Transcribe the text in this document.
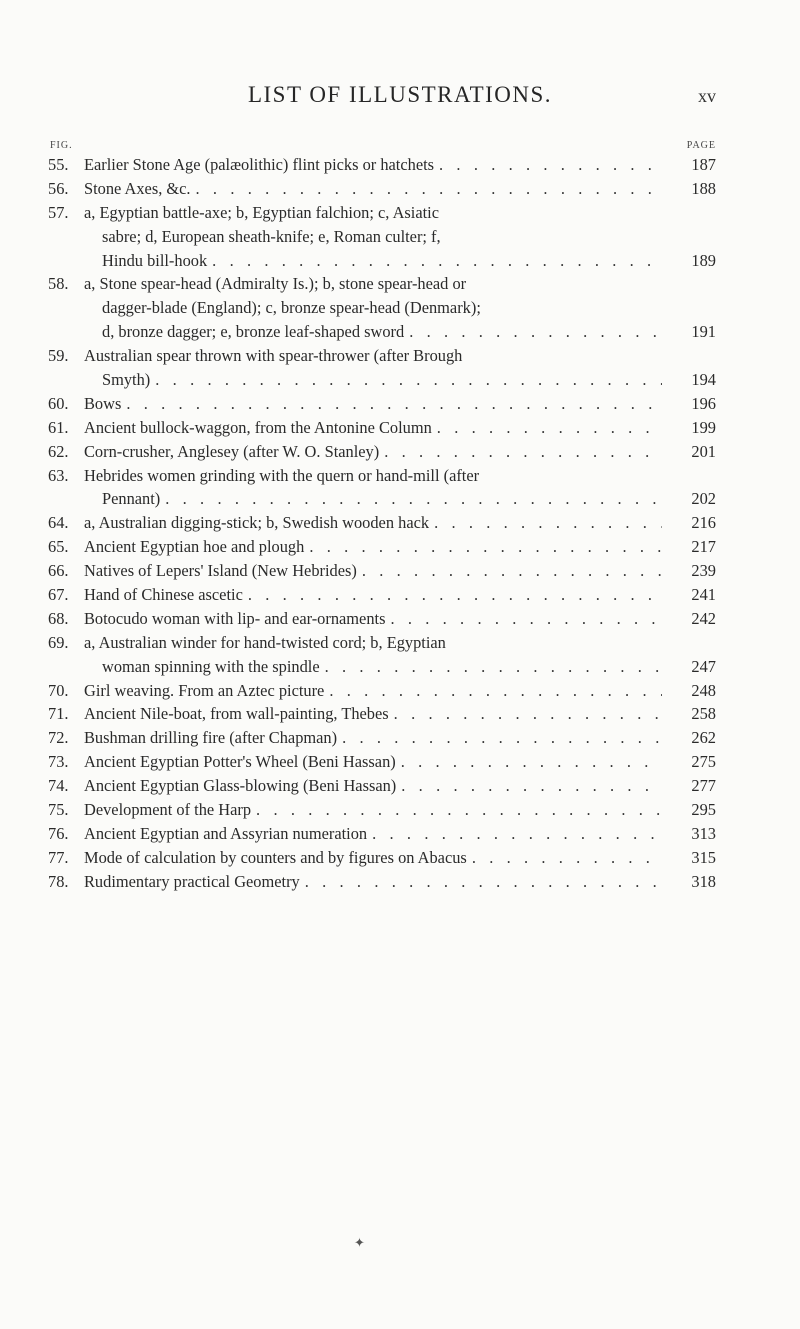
LIST OF ILLUSTRATIONS.	xv
FIG.	PAGE
55. Earlier Stone Age (palæolithic) flint picks or hatchets . . .	187
56. Stone Axes, &c. . . .	188
57. a, Egyptian battle-axe; b, Egyptian falchion; c, Asiatic
sabre; d, European sheath-knife; e, Roman culter; f,
Hindu bill-hook . . .	189
58. a, Stone spear-head (Admiralty Is.); b, stone spear-head or
dagger-blade (England); c, bronze spear-head (Denmark);
d, bronze dagger; e, bronze leaf-shaped sword . . .	191
59. Australian spear thrown with spear-thrower (after Brough
Smyth) . . .	194
60. Bows . . .	196
61. Ancient bullock-waggon, from the Antonine Column . . .	199
62. Corn-crusher, Anglesey (after W. O. Stanley) . . .	201
63. Hebrides women grinding with the quern or hand-mill (after
Pennant) . . .	202
64. a, Australian digging-stick; b, Swedish wooden hack . . .	216
65. Ancient Egyptian hoe and plough . . .	217
66. Natives of Lepers' Island (New Hebrides) . . .	239
67. Hand of Chinese ascetic . . .	241
68. Botocudo woman with lip- and ear-ornaments . . .	242
69. a, Australian winder for hand-twisted cord; b, Egyptian
woman spinning with the spindle . . .	247
70. Girl weaving. From an Aztec picture . . .	248
71. Ancient Nile-boat, from wall-painting, Thebes . . .	258
72. Bushman drilling fire (after Chapman) . . .	262
73. Ancient Egyptian Potter's Wheel (Beni Hassan) . . .	275
74. Ancient Egyptian Glass-blowing (Beni Hassan) . . .	277
75. Development of the Harp . . .	295
76. Ancient Egyptian and Assyrian numeration . . .	313
77. Mode of calculation by counters and by figures on Abacus . . .	315
78. Rudimentary practical Geometry . . .	318
✦
